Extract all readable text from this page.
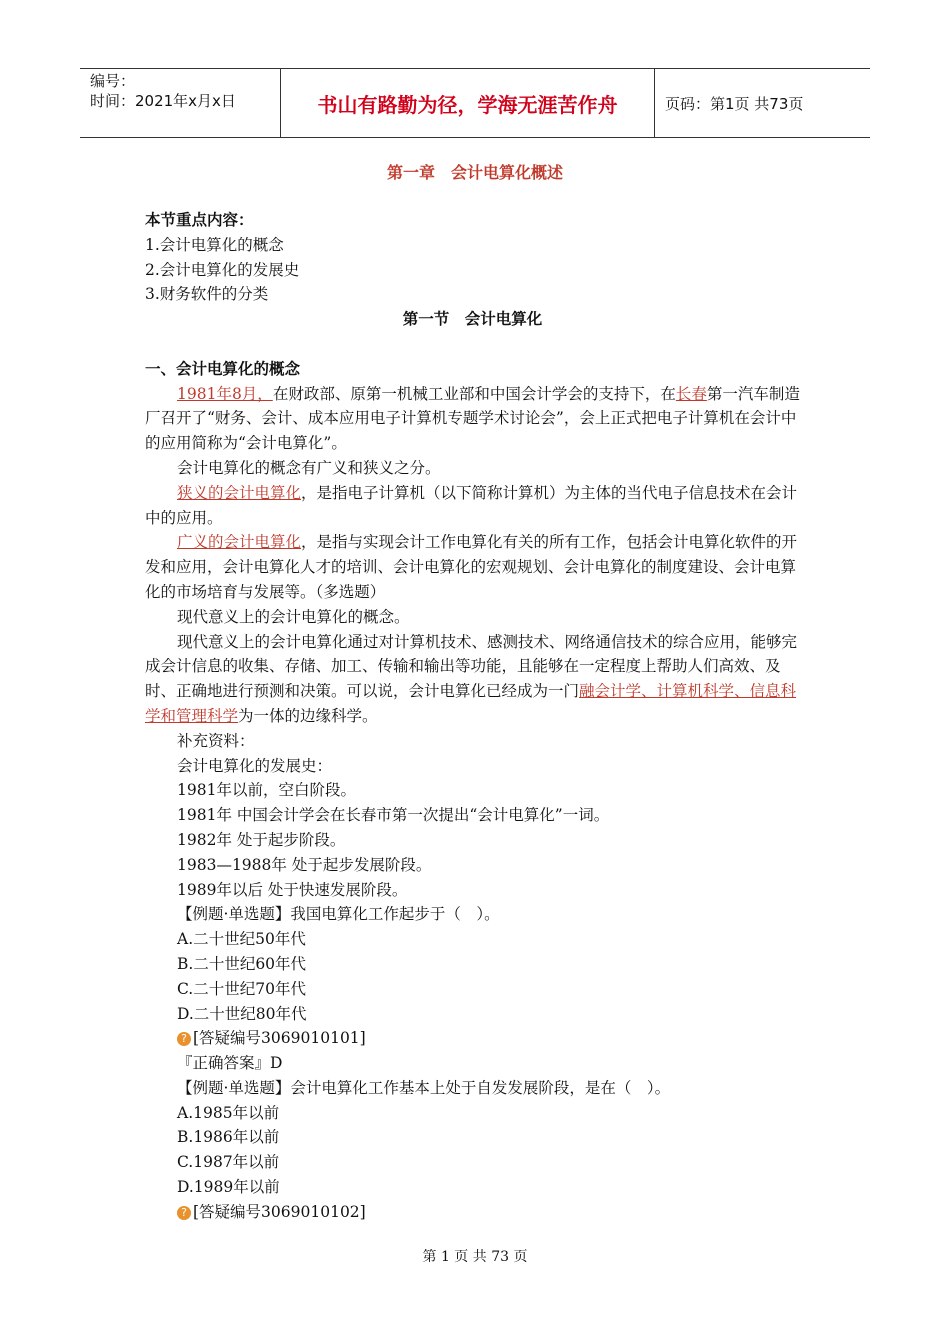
编号：
时间：2021年x月x日	书山有路勤为径，学海无涯苦作舟	页码：第1页 共73页
第一章　会计电算化概述

本节重点内容：

1.会计电算化的概念

2.会计电算化的发展史

3.财务软件的分类

第一节　会计电算化

一、会计电算化的概念

1981年8月，在财政部、原第一机械工业部和中国会计学会的支持下，在长春第一汽车制造厂召开了“财务、会计、成本应用电子计算机专题学术讨论会”，会上正式把电子计算机在会计中的应用简称为“会计电算化”。

会计电算化的概念有广义和狭义之分。

狭义的会计电算化，是指电子计算机（以下简称计算机）为主体的当代电子信息技术在会计中的应用。

广义的会计电算化，是指与实现会计工作电算化有关的所有工作，包括会计电算化软件的开发和应用，会计电算化人才的培训、会计电算化的宏观规划、会计电算化的制度建设、会计电算化的市场培育与发展等。（多选题）

现代意义上的会计电算化的概念。

现代意义上的会计电算化通过对计算机技术、感测技术、网络通信技术的综合应用，能够完成会计信息的收集、存储、加工、传输和输出等功能，且能够在一定程度上帮助人们高效、及时、正确地进行预测和决策。可以说，会计电算化已经成为一门融会计学、计算机科学、信息科学和管理科学为一体的边缘科学。

补充资料：

会计电算化的发展史：

1981年以前，空白阶段。

1981年 中国会计学会在长春市第一次提出“会计电算化”一词。

1982年 处于起步阶段。

1983—1988年 处于起步发展阶段。

1989年以后 处于快速发展阶段。

【例题·单选题】我国电算化工作起步于（　）。

A.二十世纪50年代

B.二十世纪60年代

C.二十世纪70年代

D.二十世纪80年代

? [答疑编号3069010101]

『正确答案』D

【例题·单选题】会计电算化工作基本上处于自发发展阶段，是在（　）。

A.1985年以前

B.1986年以前

C.1987年以前

D.1989年以前

? [答疑编号3069010102]

第 1 页 共 73 页
